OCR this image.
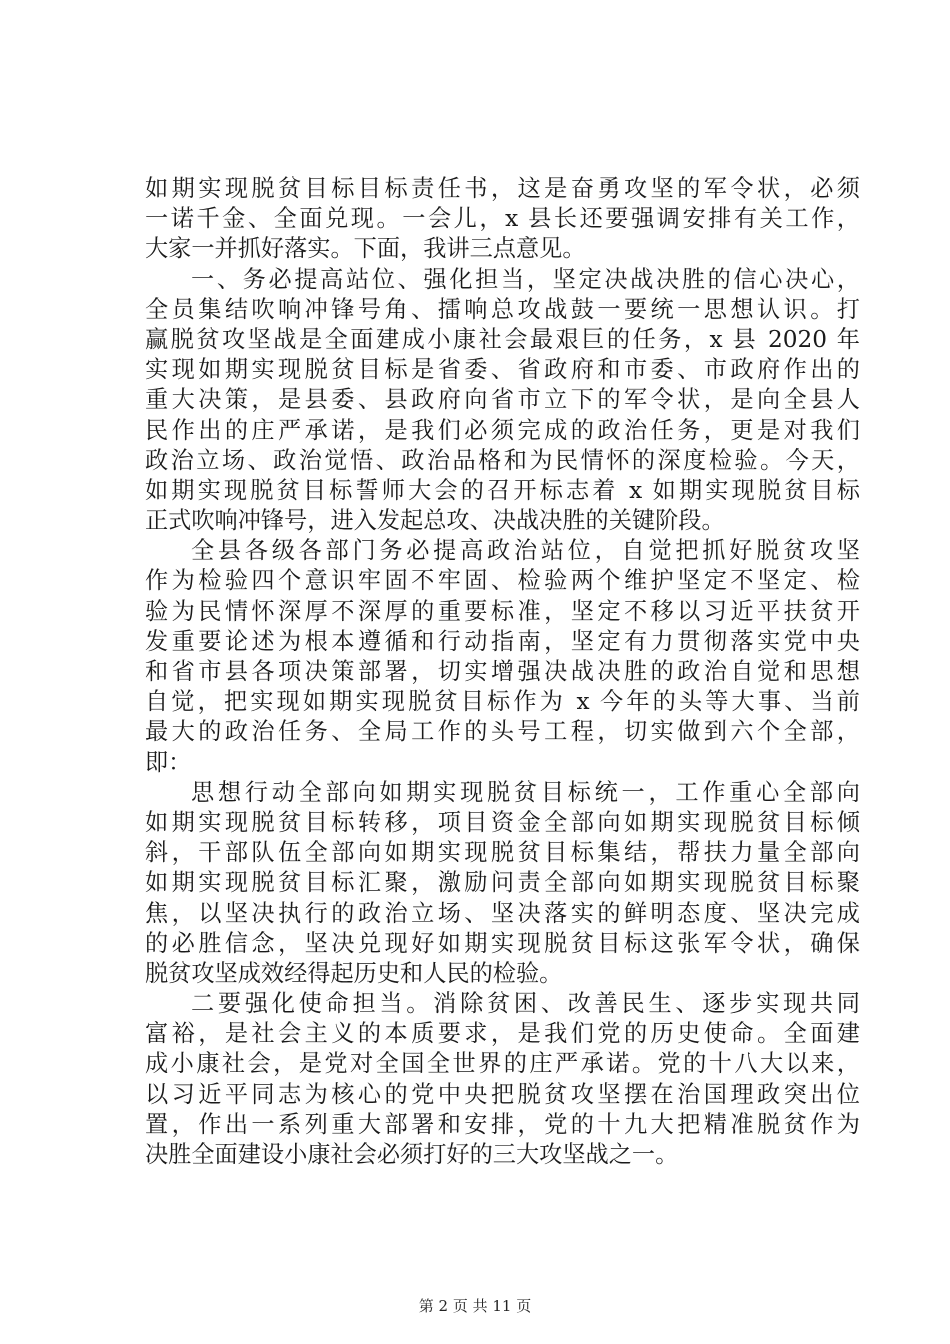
如期实现脱贫目标目标责任书，这是奋勇攻坚的军令状，必须
一诺千金、全面兑现。一会儿，x 县长还要强调安排有关工作，
大家一并抓好落实。下面，我讲三点意见。
一、务必提高站位、强化担当，坚定决战决胜的信心决心，
全员集结吹响冲锋号角、擂响总攻战鼓一要统一思想认识。打
赢脱贫攻坚战是全面建成小康社会最艰巨的任务，x 县 2020 年
实现如期实现脱贫目标是省委、省政府和市委、市政府作出的
重大决策，是县委、县政府向省市立下的军令状，是向全县人
民作出的庄严承诺，是我们必须完成的政治任务，更是对我们
政治立场、政治觉悟、政治品格和为民情怀的深度检验。今天，
如期实现脱贫目标誓师大会的召开标志着 x 如期实现脱贫目标
正式吹响冲锋号，进入发起总攻、决战决胜的关键阶段。
全县各级各部门务必提高政治站位，自觉把抓好脱贫攻坚
作为检验四个意识牢固不牢固、检验两个维护坚定不坚定、检
验为民情怀深厚不深厚的重要标准，坚定不移以习近平扶贫开
发重要论述为根本遵循和行动指南，坚定有力贯彻落实党中央
和省市县各项决策部署，切实增强决战决胜的政治自觉和思想
自觉，把实现如期实现脱贫目标作为 x 今年的头等大事、当前
最大的政治任务、全局工作的头号工程，切实做到六个全部，
即：
思想行动全部向如期实现脱贫目标统一，工作重心全部向
如期实现脱贫目标转移，项目资金全部向如期实现脱贫目标倾
斜，干部队伍全部向如期实现脱贫目标集结，帮扶力量全部向
如期实现脱贫目标汇聚，激励问责全部向如期实现脱贫目标聚
焦，以坚决执行的政治立场、坚决落实的鲜明态度、坚决完成
的必胜信念，坚决兑现好如期实现脱贫目标这张军令状，确保
脱贫攻坚成效经得起历史和人民的检验。
二要强化使命担当。消除贫困、改善民生、逐步实现共同
富裕，是社会主义的本质要求，是我们党的历史使命。全面建
成小康社会，是党对全国全世界的庄严承诺。党的十八大以来，
以习近平同志为核心的党中央把脱贫攻坚摆在治国理政突出位
置，作出一系列重大部署和安排，党的十九大把精准脱贫作为
决胜全面建设小康社会必须打好的三大攻坚战之一。
第 2 页 共 11 页
